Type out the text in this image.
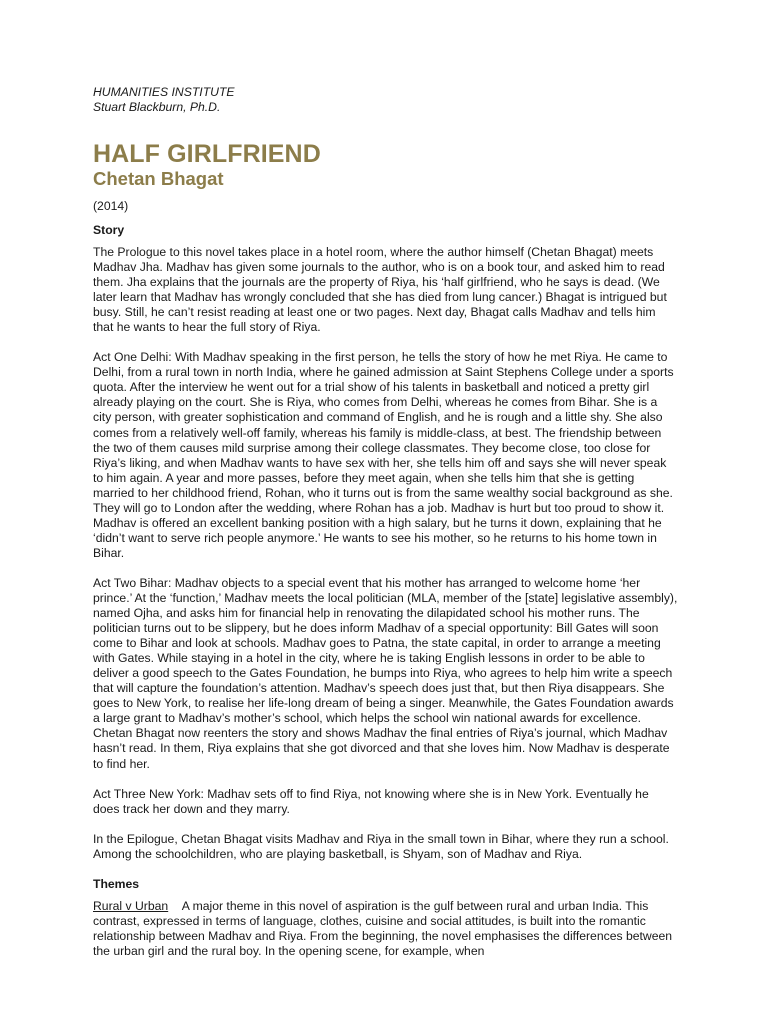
HUMANITIES INSTITUTE

Stuart Blackburn, Ph.D.

HALF GIRLFRIEND
Chetan Bhagat

(2014)

Story

The Prologue to this novel takes place in a hotel room, where the author himself (Chetan Bhagat) meets Madhav Jha. Madhav has given some journals to the author, who is on a book tour, and asked him to read them. Jha explains that the journals are the property of Riya, his ‘half girlfriend, who he says is dead. (We later learn that Madhav has wrongly concluded that she has died from lung cancer.) Bhagat is intrigued but busy. Still, he can’t resist reading at least one or two pages. Next day, Bhagat calls Madhav and tells him that he wants to hear the full story of Riya.

Act One Delhi: With Madhav speaking in the first person, he tells the story of how he met Riya. He came to Delhi, from a rural town in north India, where he gained admission at Saint Stephens College under a sports quota. After the interview he went out for a trial show of his talents in basketball and noticed a pretty girl already playing on the court. She is Riya, who comes from Delhi, whereas he comes from Bihar. She is a city person, with greater sophistication and command of English, and he is rough and a little shy. She also comes from a relatively well-off family, whereas his family is middle-class, at best. The friendship between the two of them causes mild surprise among their college classmates. They become close, too close for Riya’s liking, and when Madhav wants to have sex with her, she tells him off and says she will never speak to him again. A year and more passes, before they meet again, when she tells him that she is getting married to her childhood friend, Rohan, who it turns out is from the same wealthy social background as she. They will go to London after the wedding, where Rohan has a job. Madhav is hurt but too proud to show it. Madhav is offered an excellent banking position with a high salary, but he turns it down, explaining that he ‘didn’t want to serve rich people anymore.’ He wants to see his mother, so he returns to his home town in Bihar.

Act Two Bihar: Madhav objects to a special event that his mother has arranged to welcome home ‘her prince.’ At the ‘function,’ Madhav meets the local politician (MLA, member of the [state] legislative assembly), named Ojha, and asks him for financial help in renovating the dilapidated school his mother runs. The politician turns out to be slippery, but he does inform Madhav of a special opportunity: Bill Gates will soon come to Bihar and look at schools. Madhav goes to Patna, the state capital, in order to arrange a meeting with Gates. While staying in a hotel in the city, where he is taking English lessons in order to be able to deliver a good speech to the Gates Foundation, he bumps into Riya, who agrees to help him write a speech that will capture the foundation’s attention. Madhav’s speech does just that, but then Riya disappears. She goes to New York, to realise her life-long dream of being a singer. Meanwhile, the Gates Foundation awards a large grant to Madhav’s mother’s school, which helps the school win national awards for excellence. Chetan Bhagat now reenters the story and shows Madhav the final entries of Riya’s journal, which Madhav hasn’t read. In them, Riya explains that she got divorced and that she loves him. Now Madhav is desperate to find her.

Act Three New York: Madhav sets off to find Riya, not knowing where she is in New York. Eventually he does track her down and they marry.

In the Epilogue, Chetan Bhagat visits Madhav and Riya in the small town in Bihar, where they run a school. Among the schoolchildren, who are playing basketball, is Shyam, son of Madhav and Riya.

Themes

Rural v Urban A major theme in this novel of aspiration is the gulf between rural and urban India. This contrast, expressed in terms of language, clothes, cuisine and social attitudes, is built into the romantic relationship between Madhav and Riya. From the beginning, the novel emphasises the differences between the urban girl and the rural boy. In the opening scene, for example, when
